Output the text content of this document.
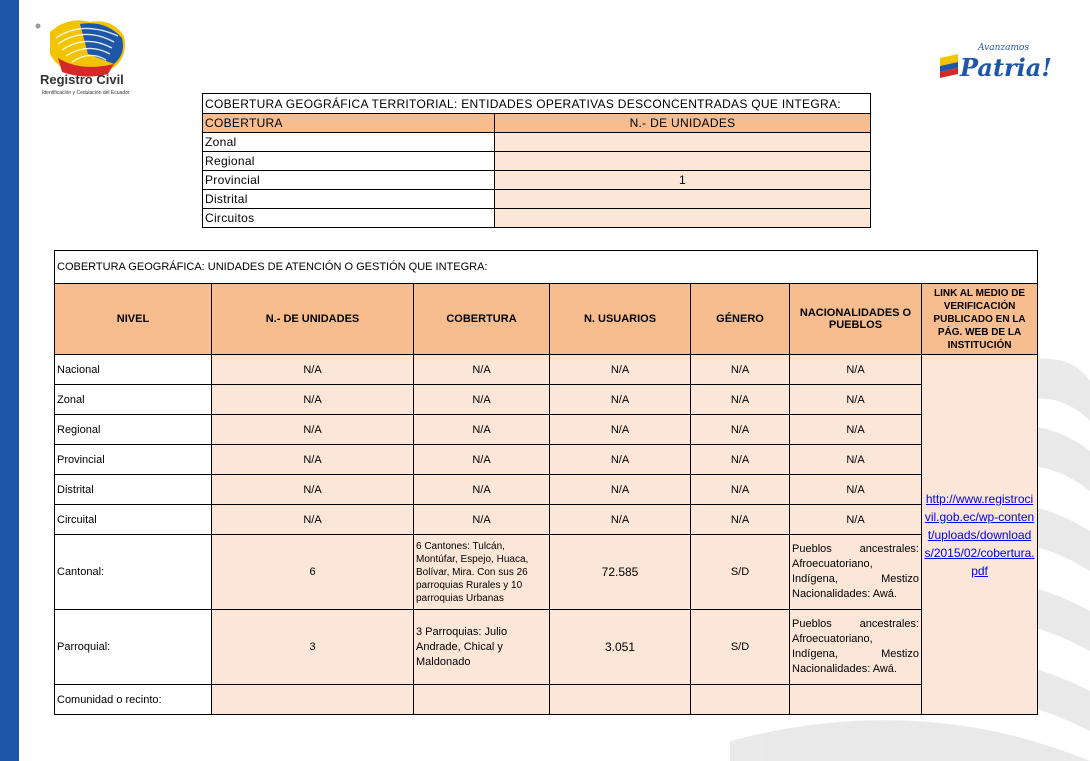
Registro Civil
Identificación y Cedulación del Ecuador
Avanzamos
Patria!
COBERTURA GEOGRÁFICA TERRITORIAL: ENTIDADES OPERATIVAS DESCONCENTRADAS QUE INTEGRA:	
COBERTURA	N.- DE UNIDADES
Zonal	
Regional	
Provincial	1
Distrital	
Circuitos	
COBERTURA GEOGRÁFICA: UNIDADES DE ATENCIÓN O GESTIÓN QUE INTEGRA:						
NIVEL	N.- DE UNIDADES	COBERTURA	N. USUARIOS	GÉNERO	NACIONALIDADES O PUEBLOS	LINK AL MEDIO DE VERIFICACIÓN PUBLICADO EN LA PÁG. WEB DE LA INSTITUCIÓN
Nacional	N/A	N/A	N/A	N/A	N/A	http://www.registrocivil.gob.ec/wp-content/uploads/downloads/2015/02/cobertura.pdf
Zonal	N/A	N/A	N/A	N/A	N/A	
Regional	N/A	N/A	N/A	N/A	N/A	
Provincial	N/A	N/A	N/A	N/A	N/A	
Distrital	N/A	N/A	N/A	N/A	N/A	
Circuital	N/A	N/A	N/A	N/A	N/A	
Cantonal:	6	6 Cantones: Tulcán, Montúfar, Espejo, Huaca, Bolívar, Mira. Con sus 26 parroquias Rurales y 10 parroquias Urbanas	72.585	S/D	Pueblos ancestrales: Afroecuatoriano, Indígena, Mestizo Nacionalidades: Awá.	
Parroquial:	3	3 Parroquias: Julio Andrade, Chical y Maldonado	3.051	S/D	Pueblos ancestrales: Afroecuatoriano, Indígena, Mestizo Nacionalidades: Awá.	
Comunidad o recinto:						
